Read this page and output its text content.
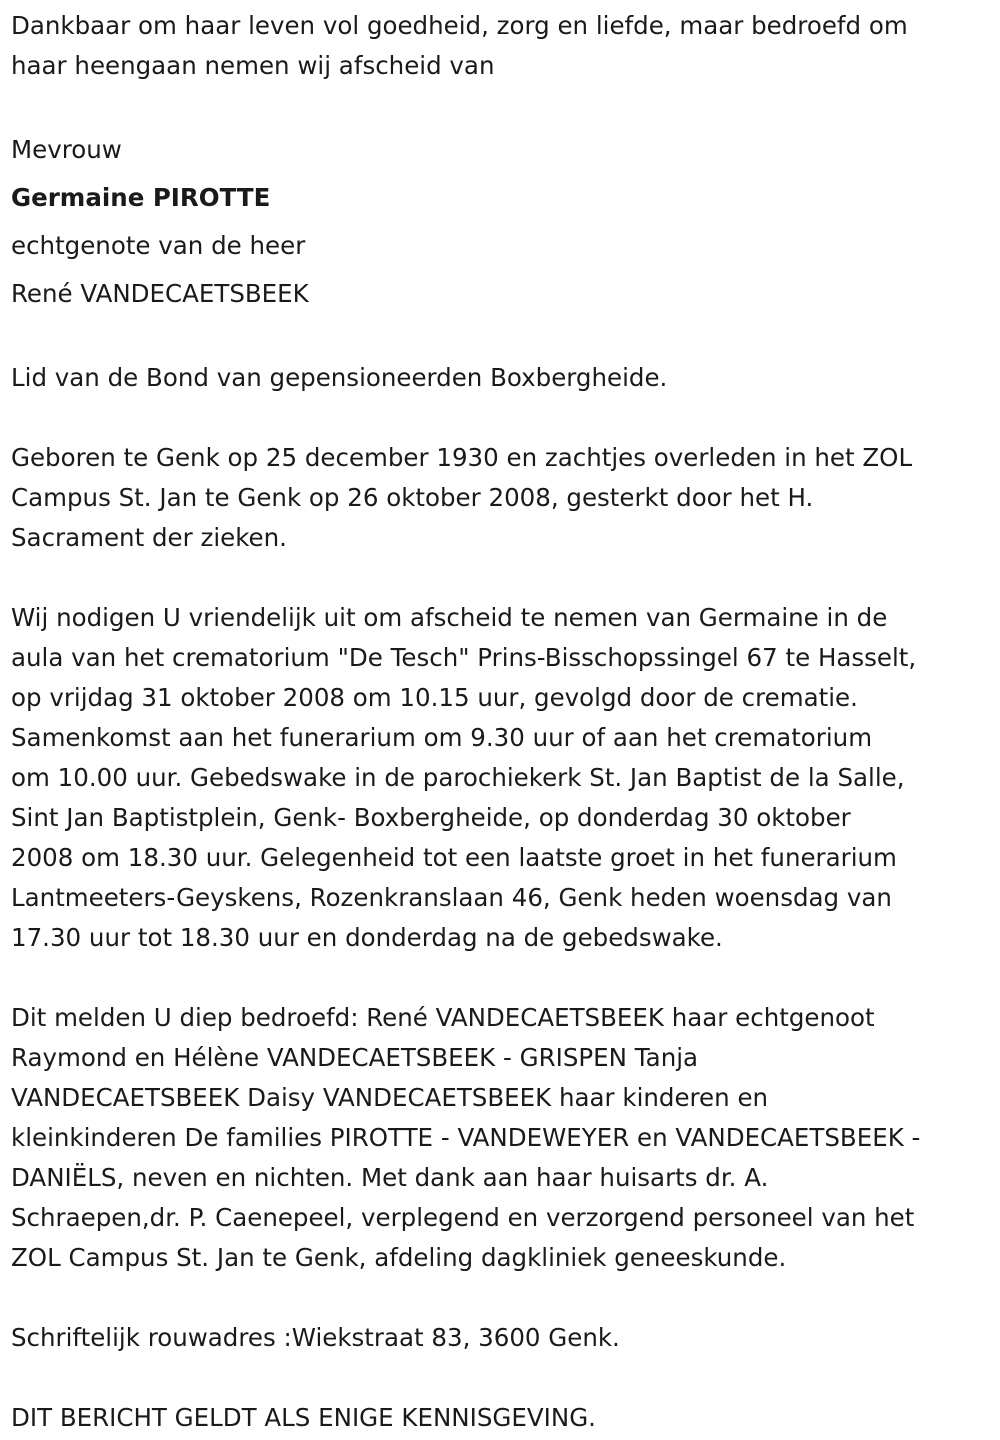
Dankbaar om haar leven vol goedheid, zorg en liefde, maar bedroefd om
haar heengaan nemen wij afscheid van

Mevrouw

Germaine PIROTTE

echtgenote van de heer

René VANDECAETSBEEK

Lid van de Bond van gepensioneerden Boxbergheide.

Geboren te Genk op 25 december 1930 en zachtjes overleden in het ZOL
Campus St. Jan te Genk op 26 oktober 2008, gesterkt door het H.
Sacrament der zieken.

Wij nodigen U vriendelijk uit om afscheid te nemen van Germaine in de
aula van het crematorium "De Tesch" Prins-Bisschopssingel 67 te Hasselt,
op vrijdag 31 oktober 2008 om 10.15 uur, gevolgd door de crematie.
Samenkomst aan het funerarium om 9.30 uur of aan het crematorium
om 10.00 uur. Gebedswake in de parochiekerk St. Jan Baptist de la Salle,
Sint Jan Baptistplein, Genk- Boxbergheide, op donderdag 30 oktober
2008 om 18.30 uur. Gelegenheid tot een laatste groet in het funerarium
Lantmeeters-Geyskens, Rozenkranslaan 46, Genk heden woensdag van
17.30 uur tot 18.30 uur en donderdag na de gebedswake.

Dit melden U diep bedroefd: René VANDECAETSBEEK haar echtgenoot
Raymond en Hélène VANDECAETSBEEK - GRISPEN Tanja
VANDECAETSBEEK Daisy VANDECAETSBEEK haar kinderen en
kleinkinderen De families PIROTTE - VANDEWEYER en VANDECAETSBEEK -
DANIËLS, neven en nichten. Met dank aan haar huisarts dr. A.
Schraepen,dr. P. Caenepeel, verplegend en verzorgend personeel van het
ZOL Campus St. Jan te Genk, afdeling dagkliniek geneeskunde.

Schriftelijk rouwadres :Wiekstraat 83, 3600 Genk.

DIT BERICHT GELDT ALS ENIGE KENNISGEVING.
